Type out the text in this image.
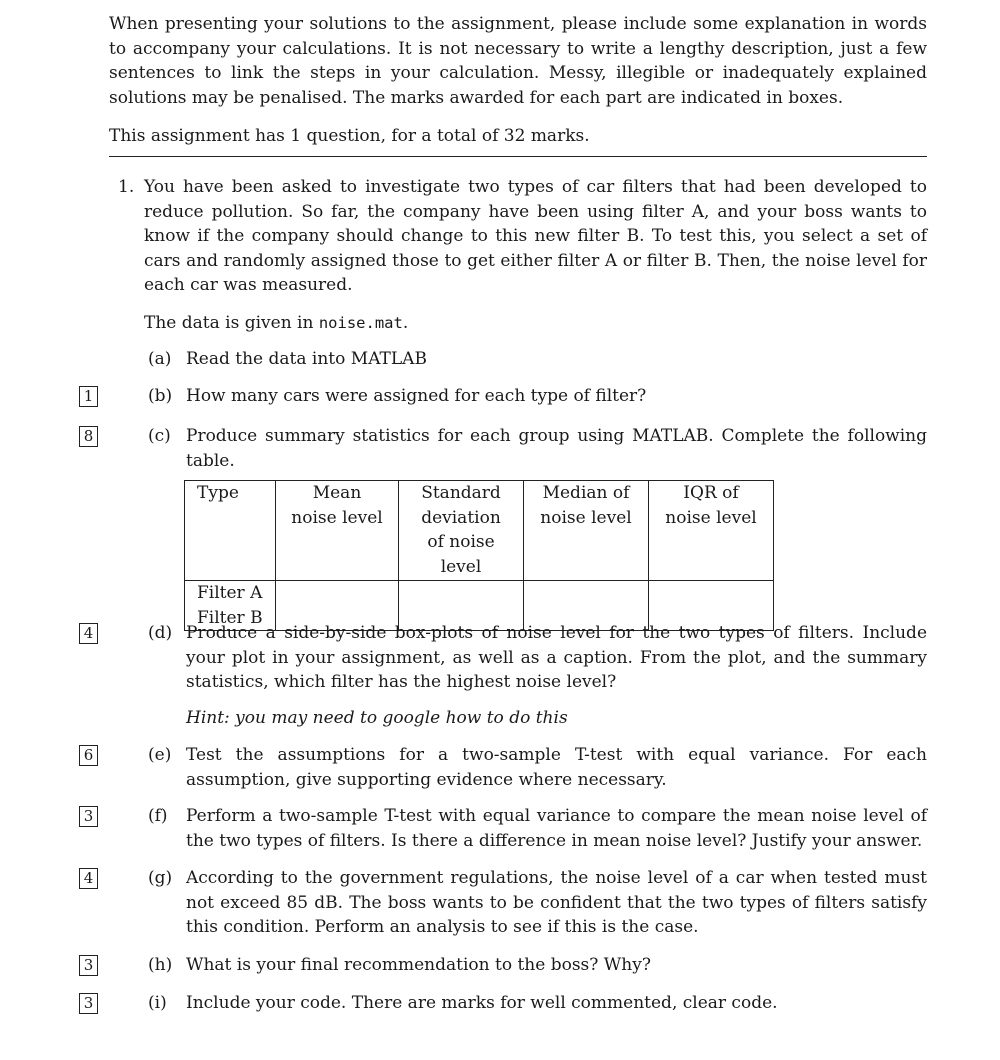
When presenting your solutions to the assignment, please include some explanation in words to accompany your calculations. It is not necessary to write a lengthy description, just a few sentences to link the steps in your calculation. Messy, illegible or inadequately explained solutions may be penalised. The marks awarded for each part are indicated in boxes.

This assignment has 1 question, for a total of 32 marks.
1. You have been asked to investigate two types of car filters that had been developed to reduce pollution. So far, the company have been using filter A, and your boss wants to know if the company should change to this new filter B. To test this, you select a set of cars and randomly assigned those to get either filter A or filter B. Then, the noise level for each car was measured.
The data is given in noise.mat.
(a) Read the data into MATLAB
1	(b) How many cars were assigned for each type of filter?
8	(c) Produce summary statistics for each group using MATLAB. Complete the following table.
Type	Mean noise level	Standard deviation of noise level	Median of noise level	IQR of noise level

Filter A
Filter B				

4	(d) Produce a side-by-side box-plots of noise level for the two types of filters. Include your plot in your assignment, as well as a caption. From the plot, and the summary statistics, which filter has the highest noise level?
Hint: you may need to google how to do this
6	(e) Test the assumptions for a two-sample T-test with equal variance. For each assumption, give supporting evidence where necessary.
3	(f) Perform a two-sample T-test with equal variance to compare the mean noise level of the two types of filters. Is there a difference in mean noise level? Justify your answer.
4	(g) According to the government regulations, the noise level of a car when tested must not exceed 85 dB. The boss wants to be confident that the two types of filters satisfy this condition. Perform an analysis to see if this is the case.
3	(h) What is your final recommendation to the boss? Why?
3	(i) Include your code. There are marks for well commented, clear code.
